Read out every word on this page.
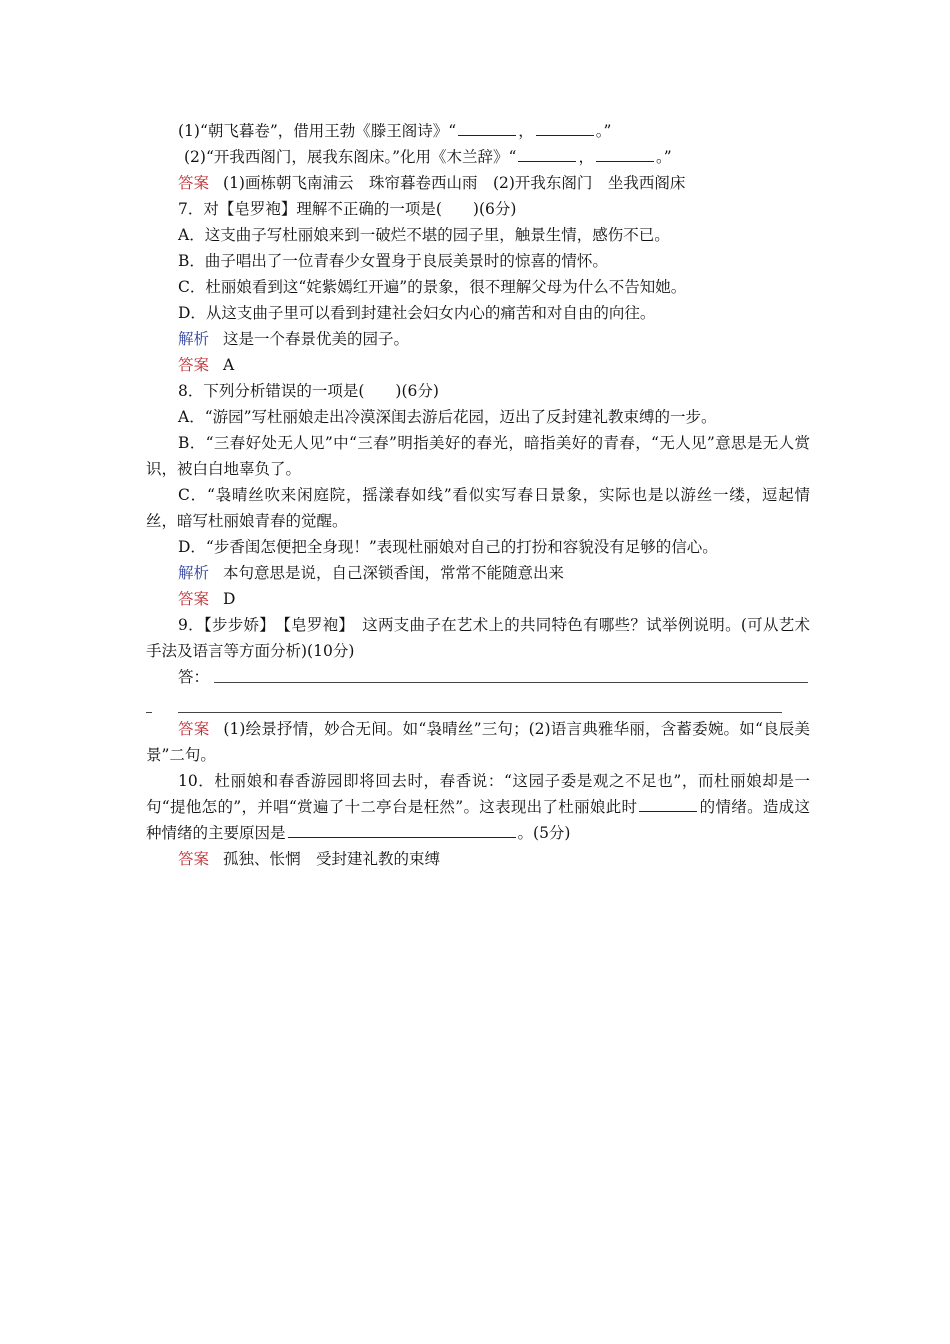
(1)“朝飞暮卷”，借用王勃《滕王阁诗》“	，	。”
(2)“开我西阁门，展我东阁床。”化用《木兰辞》“	，	。”
答案 (1)画栋朝飞南浦云　珠帘暮卷西山雨　(2)开我东阁门　坐我西阁床
7．对【皂罗袍】理解不正确的一项是(　　)(6分)
A．这支曲子写杜丽娘来到一破烂不堪的园子里，触景生情，感伤不已。
B．曲子唱出了一位青春少女置身于良辰美景时的惊喜的情怀。
C．杜丽娘看到这“姹紫嫣红开遍”的景象，很不理解父母为什么不告知她。
D．从这支曲子里可以看到封建社会妇女内心的痛苦和对自由的向往。
解析 这是一个春景优美的园子。
答案 A
8．下列分析错误的一项是(　　)(6分)
A．“游园”写杜丽娘走出冷漠深闺去游后花园，迈出了反封建礼教束缚的一步。
B．“三春好处无人见”中“三春”明指美好的春光，暗指美好的青春，“无人见”意思是无人赏识，被白白地辜负了。
C．“袅晴丝吹来闲庭院，摇漾春如线”看似实写春日景象，实际也是以游丝一缕，逗起情丝，暗写杜丽娘青春的觉醒。
D．“步香闺怎便把全身现！”表现杜丽娘对自己的打扮和容貌没有足够的信心。
解析 本句意思是说，自己深锁香闺，常常不能随意出来
答案 D
9．【步步娇】　【皂罗袍】　这两支曲子在艺术上的共同特色有哪些？试举例说明。(可从艺术手法及语言等方面分析)(10分)
答：
答案 (1)绘景抒情，妙合无间。如“袅晴丝”三句；(2)语言典雅华丽，含蓄委婉。如“良辰美景”二句。
10．杜丽娘和春香游园即将回去时，春香说：“这园子委是观之不足也”，而杜丽娘却是一句“提他怎的”，并唱“赏遍了十二亭台是枉然”。这表现出了杜丽娘此时	的情绪。造成这种情绪的主要原因是	。(5分)
答案 孤独、怅惘　受封建礼教的束缚
